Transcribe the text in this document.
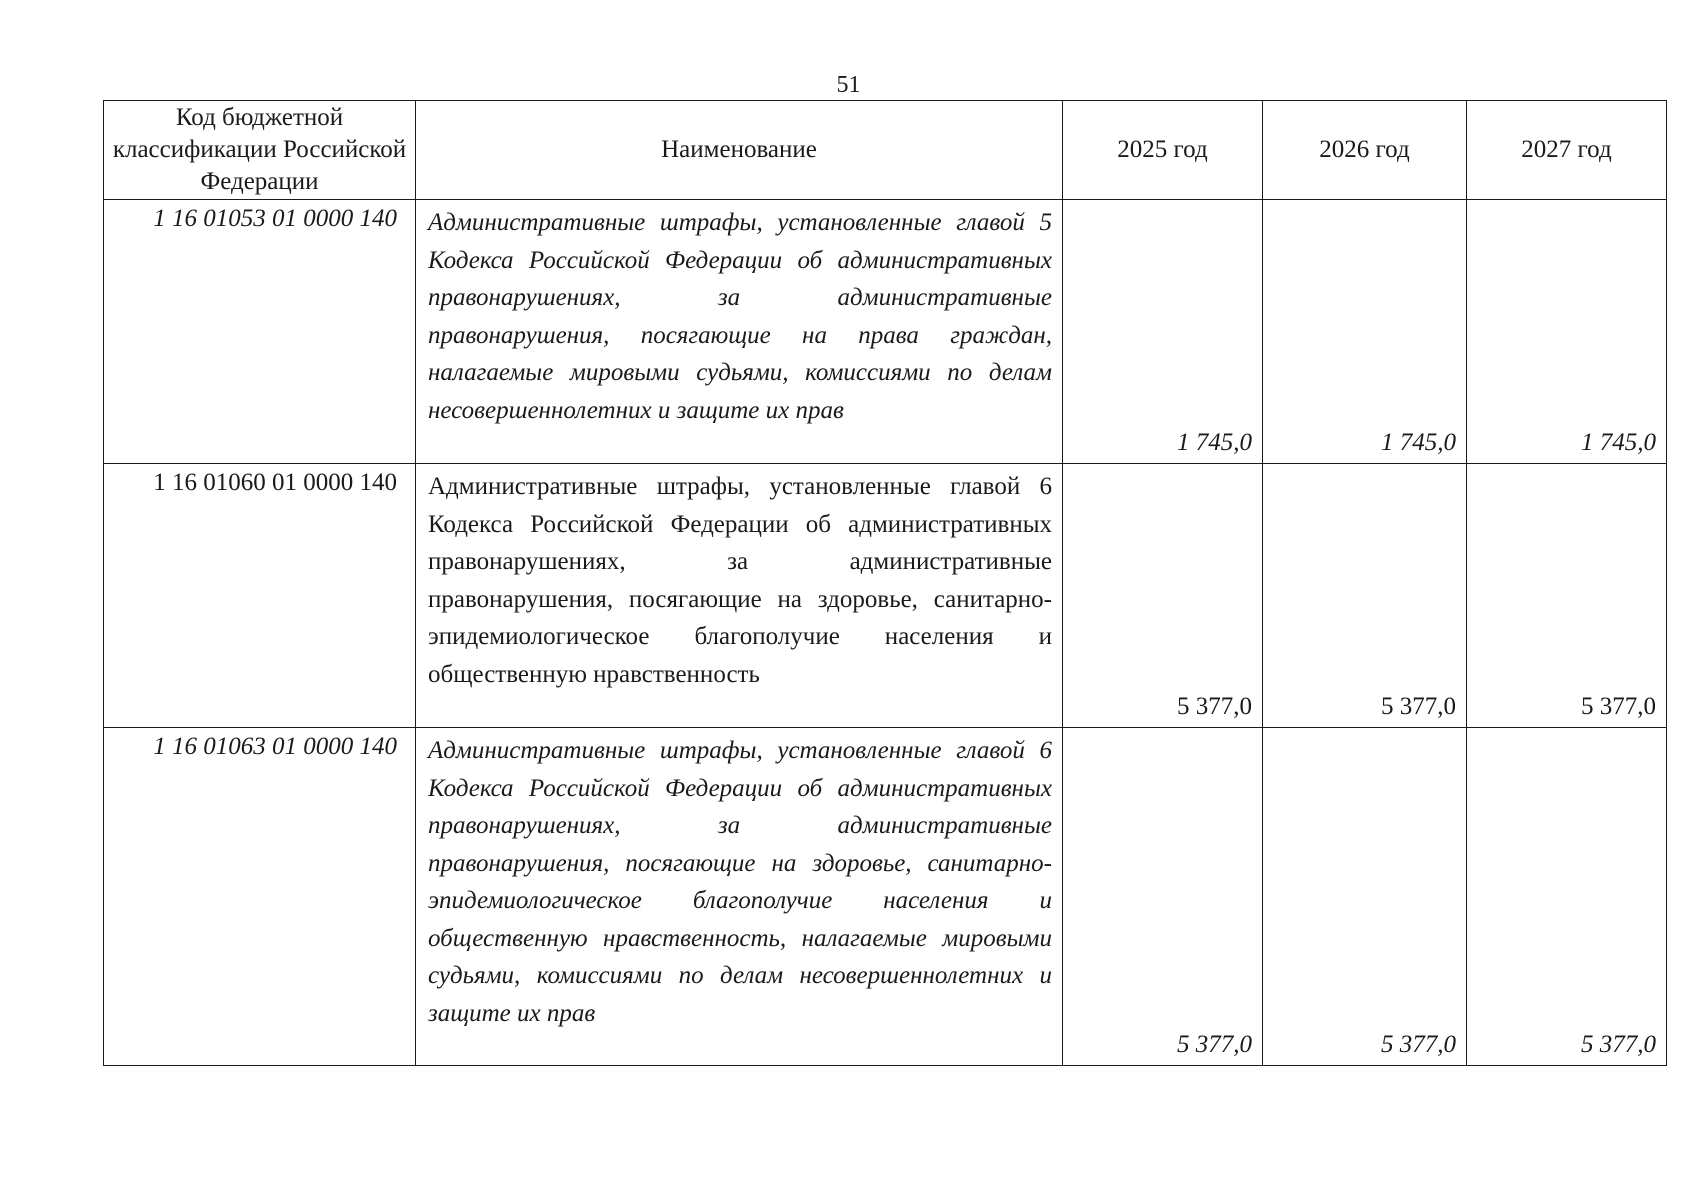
51
Код бюджетной классификации Российской Федерации	Наименование	2025 год	2026 год	2027 год
1 16 01053 01 0000 140	Административные штрафы, установленные главой 5 Кодекса Российской Федерации об административных правонарушениях, за административные правонарушения, посягающие на права граждан, налагаемые мировыми судьями, комиссиями по делам несовершеннолетних и защите их прав	1 745,0	1 745,0	1 745,0
1 16 01060 01 0000 140	Административные штрафы, установленные главой 6 Кодекса Российской Федерации об административных правонарушениях, за административные правонарушения, посягающие на здоровье, санитарно-эпидемиологическое благополучие населения и общественную нравственность	5 377,0	5 377,0	5 377,0
1 16 01063 01 0000 140	Административные штрафы, установленные главой 6 Кодекса Российской Федерации об административных правонарушениях, за административные правонарушения, посягающие на здоровье, санитарно-эпидемиологическое благополучие населения и общественную нравственность, налагаемые мировыми судьями, комиссиями по делам несовершеннолетних и защите их прав	5 377,0	5 377,0	5 377,0
